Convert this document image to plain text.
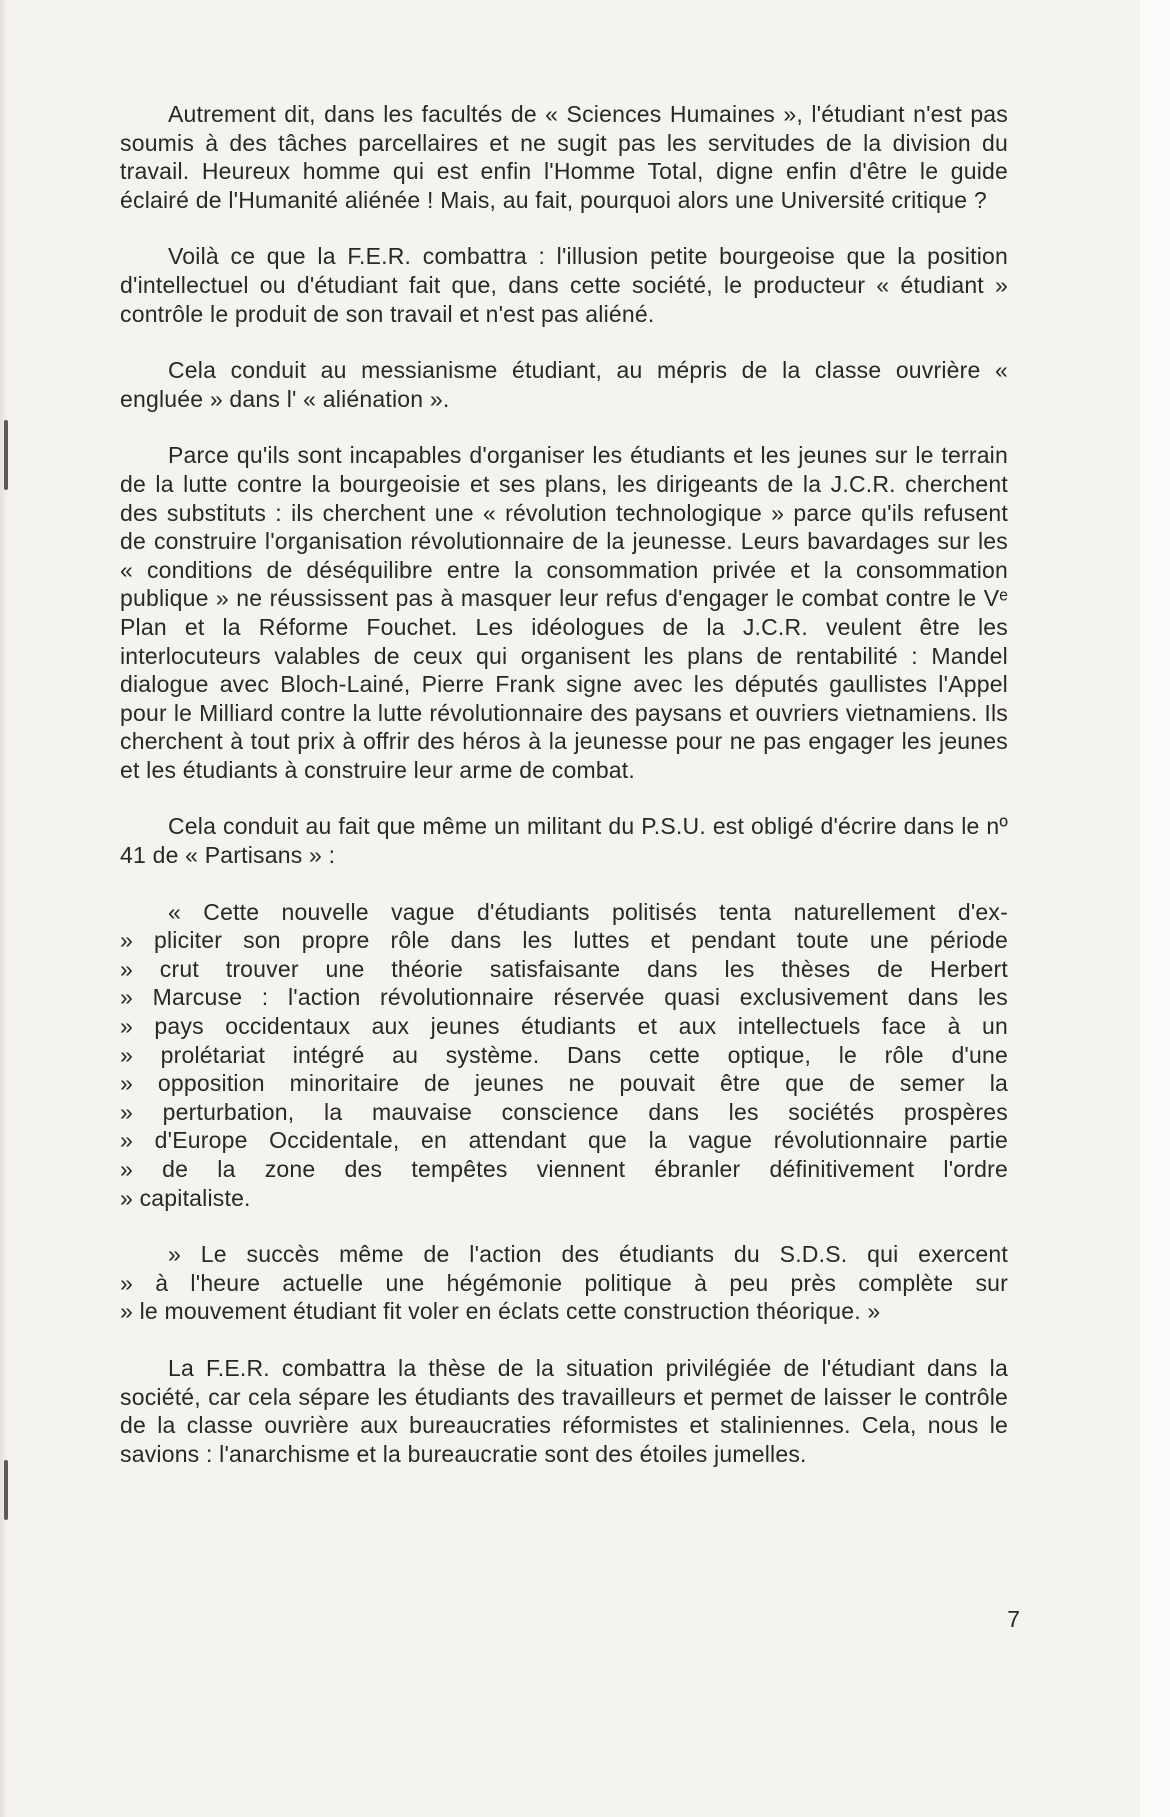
Autrement dit, dans les facultés de « Sciences Humaines », l'étudiant n'est pas soumis à des tâches parcellaires et ne sugit pas les servitudes de la division du travail. Heureux homme qui est enfin l'Homme Total, digne enfin d'être le guide éclairé de l'Humanité aliénée ! Mais, au fait, pourquoi alors une Université critique ?

Voilà ce que la F.E.R. combattra : l'illusion petite bourgeoise que la position d'intellectuel ou d'étudiant fait que, dans cette société, le producteur « étudiant » contrôle le produit de son travail et n'est pas aliéné.

Cela conduit au messianisme étudiant, au mépris de la classe ouvrière « engluée » dans l' « aliénation ».

Parce qu'ils sont incapables d'organiser les étudiants et les jeunes sur le terrain de la lutte contre la bourgeoisie et ses plans, les dirigeants de la J.C.R. cherchent des substituts : ils cherchent une « révolution technologique » parce qu'ils refusent de construire l'organisation révolutionnaire de la jeunesse. Leurs bavardages sur les « conditions de déséquilibre entre la consommation privée et la consommation publique » ne réussissent pas à masquer leur refus d'engager le combat contre le Vᵉ Plan et la Réforme Fouchet. Les idéologues de la J.C.R. veulent être les interlocuteurs valables de ceux qui organisent les plans de rentabilité : Mandel dialogue avec Bloch-Lainé, Pierre Frank signe avec les députés gaullistes l'Appel pour le Milliard contre la lutte révolutionnaire des paysans et ouvriers vietnamiens. Ils cherchent à tout prix à offrir des héros à la jeunesse pour ne pas engager les jeunes et les étudiants à construire leur arme de combat.

Cela conduit au fait que même un militant du P.S.U. est obligé d'écrire dans le nº 41 de « Partisans » :

« Cette nouvelle vague d'étudiants politisés tenta naturellement d'ex-
» pliciter son propre rôle dans les luttes et pendant toute une période
» crut trouver une théorie satisfaisante dans les thèses de Herbert
» Marcuse : l'action révolutionnaire réservée quasi exclusivement dans les
» pays occidentaux aux jeunes étudiants et aux intellectuels face à un
» prolétariat intégré au système. Dans cette optique, le rôle d'une
» opposition minoritaire de jeunes ne pouvait être que de semer la
» perturbation, la mauvaise conscience dans les sociétés prospères
» d'Europe Occidentale, en attendant que la vague révolutionnaire partie
» de la zone des tempêtes viennent ébranler définitivement l'ordre
» capitaliste.
» Le succès même de l'action des étudiants du S.D.S. qui exercent
» à l'heure actuelle une hégémonie politique à peu près complète sur
» le mouvement étudiant fit voler en éclats cette construction théorique. »

La F.E.R. combattra la thèse de la situation privilégiée de l'étudiant dans la société, car cela sépare les étudiants des travailleurs et permet de laisser le contrôle de la classe ouvrière aux bureaucraties réformistes et staliniennes. Cela, nous le savions : l'anarchisme et la bureaucratie sont des étoiles jumelles.

7
